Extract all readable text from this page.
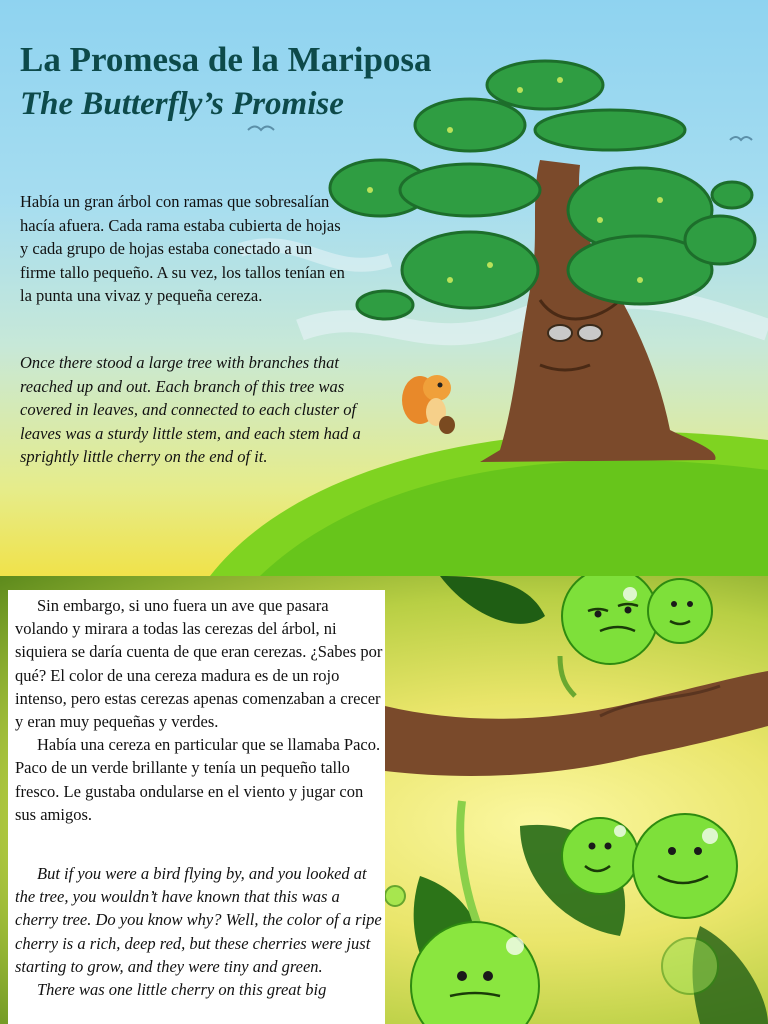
La Promesa de la Mariposa
The Butterfly’s Promise

Había un gran árbol con ramas que sobresalían hacía afuera. Cada rama estaba cubierta de hojas y cada grupo de hojas estaba conectado a un firme tallo pequeño. A su vez, los tallos tenían en la punta una vivaz y pequeña cereza.

Once there stood a large tree with branches that reached up and out. Each branch of this tree was covered in leaves, and connected to each cluster of leaves was a sturdy little stem, and each stem had a sprightly little cherry on the end of it.

Sin embargo, si uno fuera un ave que pasara volando y mirara a todas las cerezas del árbol, ni siquiera se daría cuenta de que eran cerezas. ¿Sabes por qué? El color de una cereza madura es de un rojo intenso, pero estas cerezas apenas comenzaban a crecer y eran muy pequeñas y verdes.

Había una cereza en particular que se llamaba Paco. Paco de un verde brillante y tenía un pequeño tallo fresco. Le gustaba ondularse en el viento y jugar con sus amigos.

But if you were a bird flying by, and you looked at the tree, you wouldn’t have known that this was a cherry tree. Do you know why? Well, the color of a ripe cherry is a rich, deep red, but these cherries were just starting to grow, and they were tiny and green.

There was one little cherry on this great big
